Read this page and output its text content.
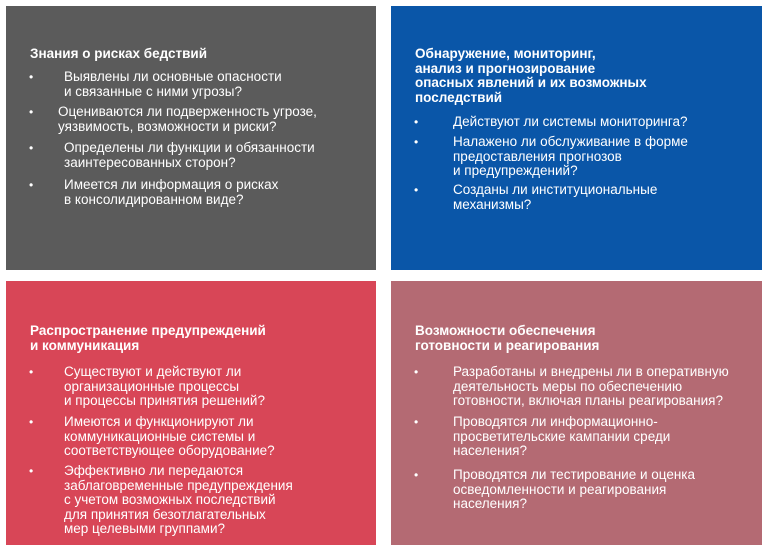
Знания о рисках бедствий
• Выявлены ли основные опасности
и связанные с ними угрозы?
• Оцениваются ли подверженность угрозе,
уязвимость, возможности и риски?
• Определены ли функции и обязанности
заинтересованных сторон?
• Имеется ли информация о рисках
в консолидированном виде?
Обнаружение, мониторинг,
анализ и прогнозирование
опасных явлений и их возможных
последствий
•	Действуют ли системы мониторинга?
•	Налажено ли обслуживание в форме
предоставления прогнозов
и предупреждений?
•	Созданы ли институциональные
механизмы?
Распространение предупреждений
и коммуникация
• Существуют и действуют ли
организационные процессы
и процессы принятия решений?
• Имеются и функционируют ли
коммуникационные системы и
соответствующее оборудование?
• Эффективно ли передаются
заблаговременные предупреждения
с учетом возможных последствий
для принятия безотлагательных
мер целевыми группами?
Возможности обеспечения
готовности и реагирования
•	Разработаны и внедрены ли в оперативную
деятельность меры по обеспечению
готовности, включая планы реагирования?
•	Проводятся ли информационно-
просветительские кампании среди
населения?
•	Проводятся ли тестирование и оценка
осведомленности и реагирования
населения?
